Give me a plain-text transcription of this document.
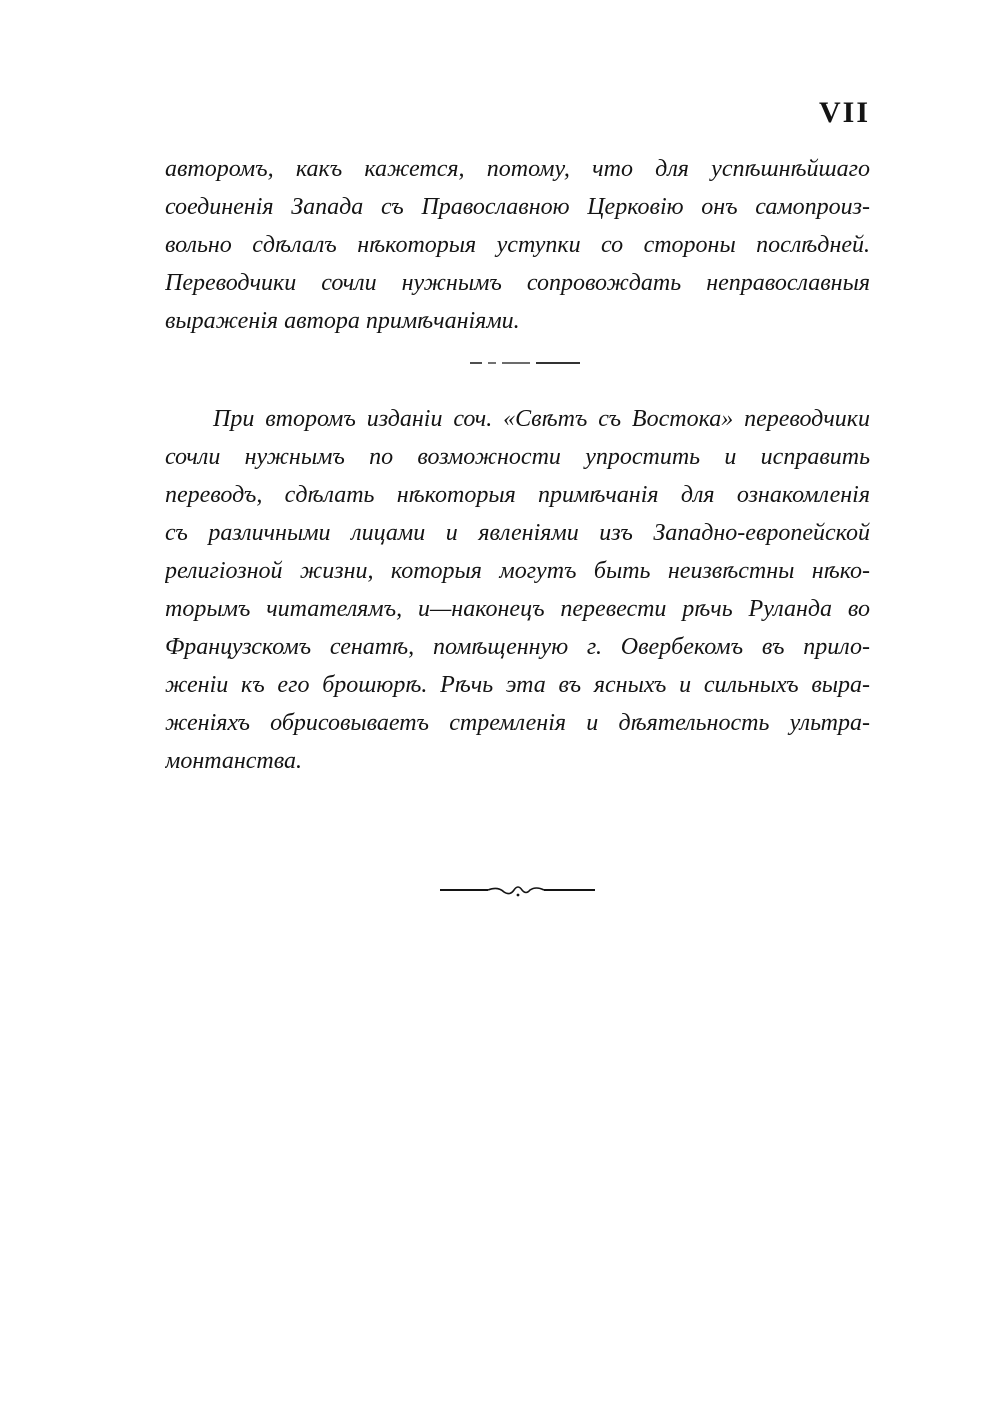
VII
авторомъ, какъ кажется, потому, что для успѣшнѣйшаго
соединенія Запада съ Православною Церковію онъ самопроиз-
вольно сдѣлалъ нѣкоторыя уступки со стороны послѣдней.
Переводчики сочли нужнымъ сопровождать неправославныя
выраженія автора примѣчаніями.
При второмъ изданіи соч. «Свѣтъ съ Востока» переводчики
сочли нужнымъ по возможности упростить и исправить
переводъ, сдѣлать нѣкоторыя примѣчанія для ознакомленія
съ различными лицами и явленіями изъ Западно-европейской
религіозной жизни, которыя могутъ быть неизвѣстны нѣко-
торымъ читателямъ, и—наконецъ перевести рѣчь Руланда во
Французскомъ сенатѣ, помѣщенную г. Овербекомъ въ прило-
женіи къ его брошюрѣ. Рѣчь эта въ ясныхъ и сильныхъ выра-
женіяхъ обрисовываетъ стремленія и дѣятельность ультра-
монтанства.
